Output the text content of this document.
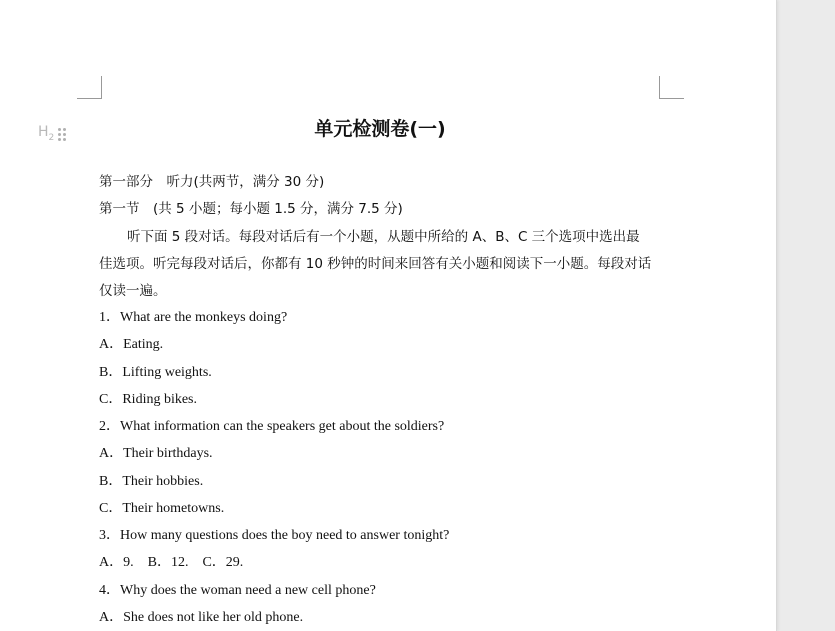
$H_2$	单元检测卷(一)
第一部分　听力(共两节，满分 30 分)
第一节　(共 5 小题；每小题 1.5 分，满分 7.5 分)
听下面 5 段对话。每段对话后有一个小题，从题中所给的 A、B、C 三个选项中选出最
佳选项。听完每段对话后，你都有 10 秒钟的时间来回答有关小题和阅读下一小题。每段对话
仅读一遍。
1．What are the monkeys doing?
A．Eating.
B．Lifting weights.
C．Riding bikes.
2．What information can the speakers get about the soldiers?
A．Their birthdays.
B．Their hobbies.
C．Their hometowns.
3．How many questions does the boy need to answer tonight?
A．9.　B．12.　C．29.
4．Why does the woman need a new cell phone?
A．She does not like her old phone.
